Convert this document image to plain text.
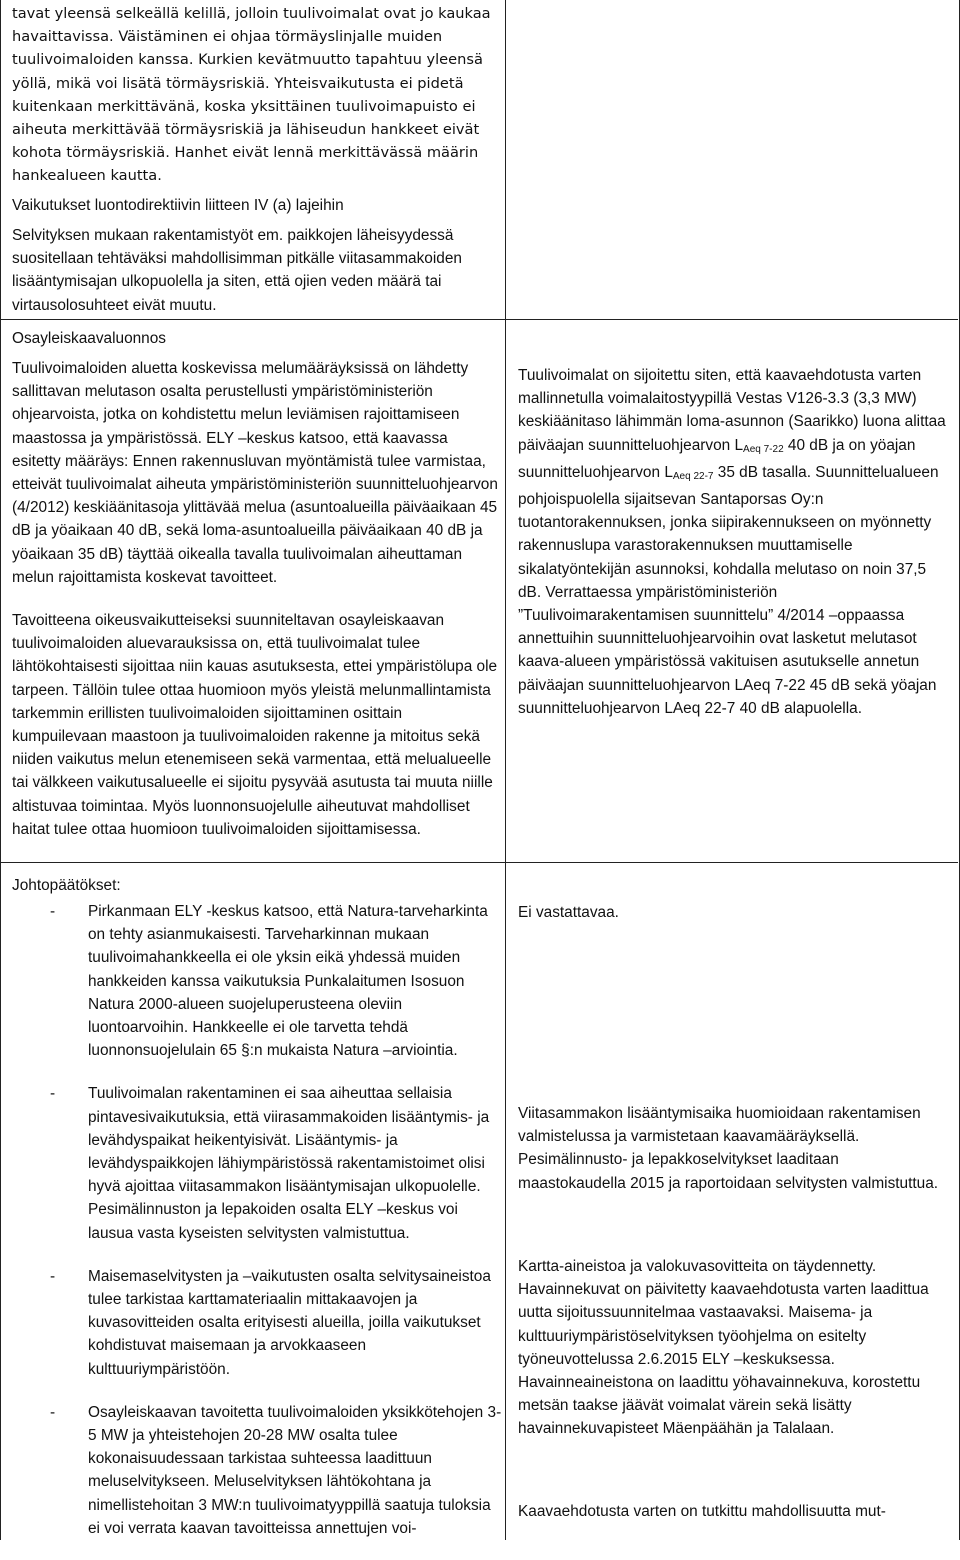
tavat yleensä selkeällä kelillä, jolloin tuulivoimalat ovat jo kaukaa havaittavissa. Väistäminen ei ohjaa törmäyslinjalle muiden tuulivoimaloiden kanssa. Kurkien kevätmuutto tapahtuu yleensä yöllä, mikä voi lisätä törmäysriskiä. Yhteisvaikutusta ei pidetä kuitenkaan merkittävänä, koska yksittäinen tuulivoimapuisto ei aiheuta merkittävää törmäysriskiä ja lähiseudun hankkeet eivät kohota törmäysriskiä. Hanhet eivät lennä merkittävässä määrin hankealueen kautta.

Vaikutukset luontodirektiivin liitteen IV (a) lajeihin

Selvityksen mukaan rakentamistyöt em. paikkojen läheisyydessä suositellaan tehtäväksi mahdollisimman pitkälle viitasammakoiden lisääntymisajan ulkopuolella ja siten, että ojien veden määrä tai virtausolosuhteet eivät muutu.

Osayleiskaavaluonnos

Tuulivoimaloiden aluetta koskevissa melumääräyksissä on lähdetty sallittavan melutason osalta perustellusti ympäristöministeriön ohjearvoista, jotka on kohdistettu melun leviämisen rajoittamiseen maastossa ja ympäristössä. ELY –keskus katsoo, että kaavassa esitetty määräys: Ennen rakennusluvan myöntämistä tulee varmistaa, etteivät tuulivoimalat aiheuta ympäristöministeriön suunnitteluohjearvon (4/2012) keskiäänitasoja ylittävää melua (asuntoalueilla päiväaikaan 45 dB ja yöaikaan 40 dB, sekä loma-asuntoalueilla päiväaikaan 40 dB ja yöaikaan 35 dB) täyttää oikealla tavalla tuulivoimalan aiheuttaman melun rajoittamista koskevat tavoitteet.

Tavoitteena oikeusvaikutteiseksi suunniteltavan osayleiskaavan tuulivoimaloiden aluevarauksissa on, että tuulivoimalat tulee lähtökohtaisesti sijoittaa niin kauas asutuksesta, ettei ympäristölupa ole tarpeen. Tällöin tulee ottaa huomioon myös yleistä melunmallintamista tarkemmin erillisten tuulivoimaloiden sijoittaminen osittain kumpuilevaan maastoon ja tuulivoimaloiden rakenne ja mitoitus sekä niiden vaikutus melun etenemiseen sekä varmentaa, että melualueelle tai välkkeen vaikutusalueelle ei sijoitu pysyvää asutusta tai muuta niille altistuvaa toimintaa. Myös luonnonsuojelulle aiheutuvat mahdolliset haitat tulee ottaa huomioon tuulivoimaloiden sijoittamisessa.

Johtopäätökset:

- Pirkanmaan ELY -keskus katsoo, että Natura-tarveharkinta on tehty asianmukaisesti. Tarveharkinnan mukaan tuulivoimahankkeella ei ole yksin eikä yhdessä muiden hankkeiden kanssa vaikutuksia Punkalaitumen Isosuon Natura 2000-alueen suojeluperusteena oleviin luontoarvoihin. Hankkeelle ei ole tarvetta tehdä luonnonsuojelulain 65 §:n mukaista Natura –arviointia.
- Tuulivoimalan rakentaminen ei saa aiheuttaa sellaisia pintavesivaikutuksia, että viirasammakoiden lisääntymis- ja levähdyspaikat heikentyisivät. Lisääntymis- ja levähdyspaikkojen lähiympäristössä rakentamistoimet olisi hyvä ajoittaa viitasammakon lisääntymisajan ulkopuolelle. Pesimälinnuston ja lepakoiden osalta ELY –keskus voi lausua vasta kyseisten selvitysten valmistuttua.
- Maisemaselvitysten ja –vaikutusten osalta selvitysaineistoa tulee tarkistaa karttamateriaalin mittakaavojen ja kuvasovitteiden osalta erityisesti alueilla, joilla vaikutukset kohdistuvat maisemaan ja arvokkaaseen kulttuuriympäristöön.
- Osayleiskaavan tavoitetta tuulivoimaloiden yksikkötehojen 3-5 MW ja yhteistehojen 20-28 MW osalta tulee kokonaisuudessaan tarkistaa suhteessa laadittuun meluselvitykseen. Meluselvityksen lähtökohtana ja nimellistehoitan 3 MW:n tuulivoimatyyppillä saatuja tuloksia ei voi verrata kaavan tavoitteissa annettujen voi-

Tuulivoimalat on sijoitettu siten, että kaavaehdotusta varten mallinnetulla voimalaitostyypillä Vestas V126-3.3 (3,3 MW) keskiäänitaso lähimmän loma-asunnon (Saarikko) luona alittaa päiväajan suunnitteluohjearvon $L_{Aeq 7-22}$ 40 dB ja on yöajan suunnitteluohjearvon $L_{Aeq 22-7}$ 35 dB tasalla. Suunnittelualueen pohjoispuolella sijaitsevan Santaporsas Oy:n tuotantorakennuksen, jonka siipirakennukseen on myönnetty rakennuslupa varastorakennuksen muuttamiselle sikalatyöntekijän asunnoksi, kohdalla melutaso on noin 37,5 dB. Verrattaessa ympäristöministeriön ”Tuulivoimarakentamisen suunnittelu” 4/2014 –oppaassa annettuihin suunnitteluohjearvoihin ovat lasketut melutasot kaava-alueen ympäristössä vakituisen asutukselle annetun päiväajan suunnitteluohjearvon LAeq 7-22 45 dB sekä yöajan suunnitteluohjearvon LAeq 22-7 40 dB alapuolella.

Ei vastattavaa.

Viitasammakon lisääntymisaika huomioidaan rakentamisen valmistelussa ja varmistetaan kaavamääräyksellä. Pesimälinnusto- ja lepakkoselvitykset laaditaan maastokaudella 2015 ja raportoidaan selvitysten valmistuttua.

Kartta-aineistoa ja valokuvasovitteita on täydennetty. Havainnekuvat on päivitetty kaavaehdotusta varten laadittua uutta sijoitussuunnitelmaa vastaavaksi. Maisema- ja kulttuuriympäristöselvityksen työohjelma on esitelty työneuvottelussa 2.6.2015 ELY –keskuksessa. Havainneaineistona on laadittu yöhavainnekuva, korostettu metsän taakse jäävät voimalat värein sekä lisätty havainnekuvapisteet Mäenpäähän ja Talalaan.

Kaavaehdotusta varten on tutkittu mahdollisuutta mut-
